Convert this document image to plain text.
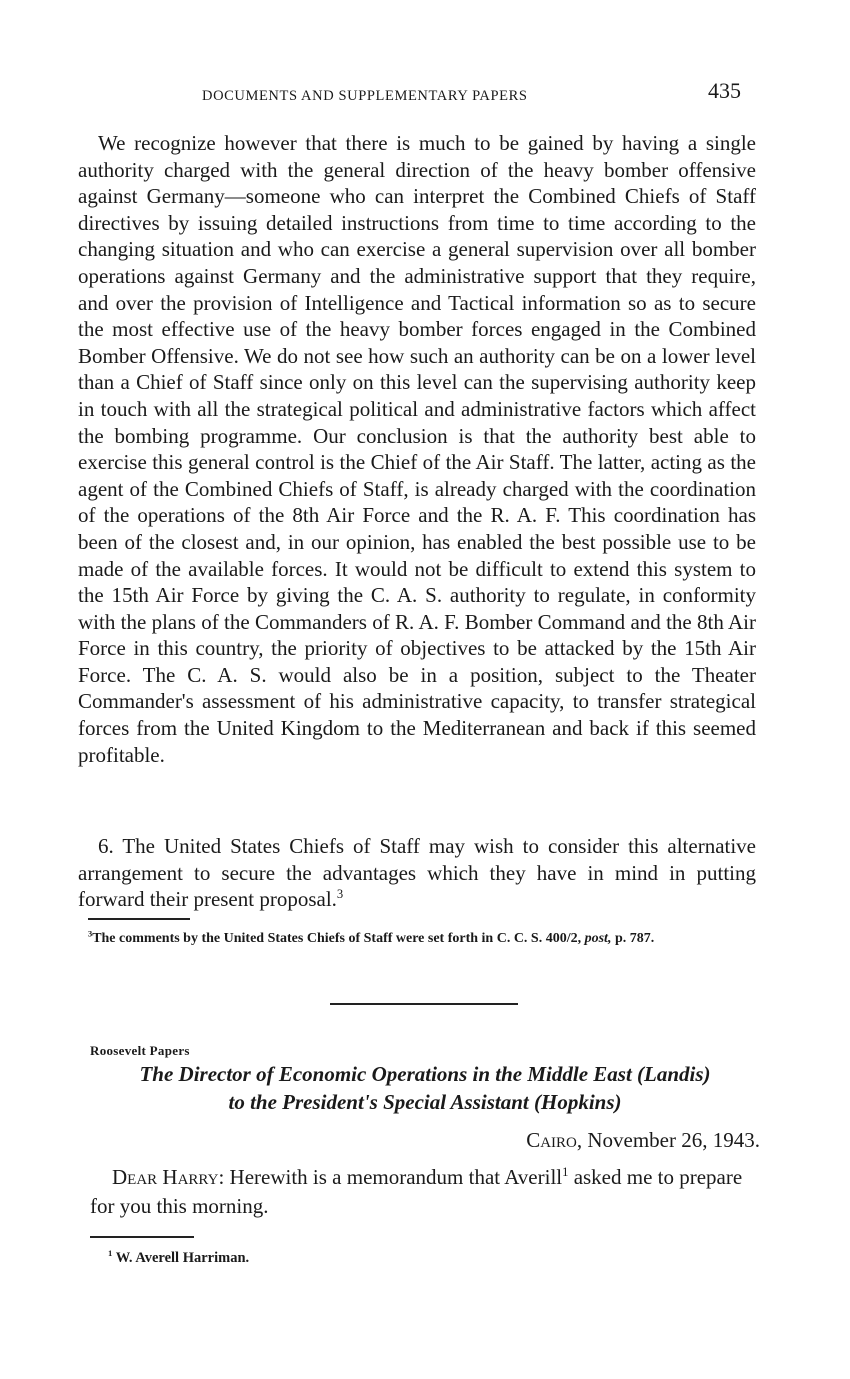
DOCUMENTS AND SUPPLEMENTARY PAPERS	435

We recognize however that there is much to be gained by having a single authority charged with the general direction of the heavy bomber offensive against Germany—someone who can interpret the Combined Chiefs of Staff directives by issuing detailed instructions from time to time according to the changing situation and who can exercise a general supervision over all bomber operations against Germany and the administrative support that they require, and over the provision of Intelligence and Tactical information so as to secure the most effective use of the heavy bomber forces engaged in the Combined Bomber Offensive. We do not see how such an authority can be on a lower level than a Chief of Staff since only on this level can the supervising authority keep in touch with all the strategical political and administrative factors which affect the bombing programme. Our conclusion is that the authority best able to exercise this general control is the Chief of the Air Staff. The latter, acting as the agent of the Combined Chiefs of Staff, is already charged with the coordination of the operations of the 8th Air Force and the R. A. F. This coordination has been of the closest and, in our opinion, has enabled the best possible use to be made of the available forces. It would not be difficult to extend this system to the 15th Air Force by giving the C. A. S. authority to regulate, in conformity with the plans of the Commanders of R. A. F. Bomber Command and the 8th Air Force in this country, the priority of objectives to be attacked by the 15th Air Force. The C. A. S. would also be in a position, subject to the Theater Commander's assessment of his administrative capacity, to transfer strategical forces from the United Kingdom to the Mediterranean and back if this seemed profitable.

6. The United States Chiefs of Staff may wish to consider this alternative arrangement to secure the advantages which they have in mind in putting forward their present proposal.$^3$

$^3$The comments by the United States Chiefs of Staff were set forth in C. C. S. 400/2, post, p. 787.
Roosevelt Papers
The Director of Economic Operations in the Middle East (Landis)
to the President's Special Assistant (Hopkins)
Cairo, November 26, 1943.
Dear Harry: Herewith is a memorandum that Averill$^1$ asked me to prepare for you this morning.
$^1$ W. Averell Harriman.
